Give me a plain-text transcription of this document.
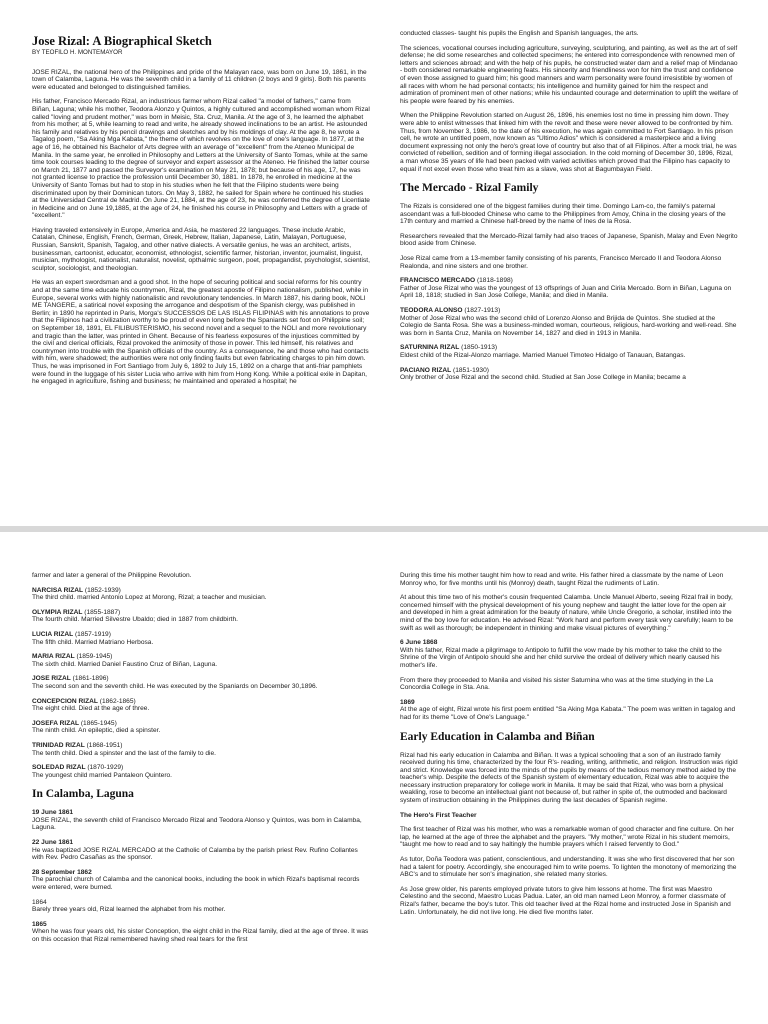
Jose Rizal: A Biographical Sketch
BY TEOFILO H. MONTEMAYOR

JOSE RIZAL, the national hero of the Philippines and pride of the Malayan race, was born on June 19, 1861, in the town of Calamba, Laguna. He was the seventh child in a family of 11 children (2 boys and 9 girls). Both his parents were educated and belonged to distinguished families.

His father, Francisco Mercado Rizal, an industrious farmer whom Rizal called "a model of fathers," came from Biñan, Laguna; while his mother, Teodora Alonzo y Quintos, a highly cultured and accomplished woman whom Rizal called "loving and prudent mother," was born in Meisic, Sta. Cruz, Manila. At the age of 3, he learned the alphabet from his mother; at 5, while learning to read and write, he already showed inclinations to be an artist. He astounded his family and relatives by his pencil drawings and sketches and by his moldings of clay. At the age 8, he wrote a Tagalog poem, "Sa Aking Mga Kabata," the theme of which revolves on the love of one's language. In 1877, at the age of 16, he obtained his Bachelor of Arts degree with an average of "excellent" from the Ateneo Municipal de Manila. In the same year, he enrolled in Philosophy and Letters at the University of Santo Tomas, while at the same time took courses leading to the degree of surveyor and expert assessor at the Ateneo. He finished the latter course on March 21, 1877 and passed the Surveyor's examination on May 21, 1878; but because of his age, 17, he was not granted license to practice the profession until December 30, 1881. In 1878, he enrolled in medicine at the University of Santo Tomas but had to stop in his studies when he felt that the Filipino students were being discriminated upon by their Dominican tutors. On May 3, 1882, he sailed for Spain where he continued his studies at the Universidad Central de Madrid. On June 21, 1884, at the age of 23, he was conferred the degree of Licentiate in Medicine and on June 19,1885, at the age of 24, he finished his course in Philosophy and Letters with a grade of "excellent."

Having traveled extensively in Europe, America and Asia, he mastered 22 languages. These include Arabic, Catalan, Chinese, English, French, German, Greek, Hebrew, Italian, Japanese, Latin, Malayan, Portuguese, Russian, Sanskrit, Spanish, Tagalog, and other native dialects. A versatile genius, he was an architect, artists, businessman, cartoonist, educator, economist, ethnologist, scientific farmer, historian, inventor, journalist, linguist, musician, mythologist, nationalist, naturalist, novelist, opthalmic surgeon, poet, propagandist, psychologist, scientist, sculptor, sociologist, and theologian.

He was an expert swordsman and a good shot. In the hope of securing political and social reforms for his country and at the same time educate his countrymen, Rizal, the greatest apostle of Filipino nationalism, published, while in Europe, several works with highly nationalistic and revolutionary tendencies. In March 1887, his daring book, NOLI ME TANGERE, a satirical novel exposing the arrogance and despotism of the Spanish clergy, was published in Berlin; in 1890 he reprinted in Paris, Morga's SUCCESSOS DE LAS ISLAS FILIPINAS with his annotations to prove that the Filipinos had a civilization worthy to be proud of even long before the Spaniards set foot on Philippine soil; on September 18, 1891, EL FILIBUSTERISMO, his second novel and a sequel to the NOLI and more revolutionary and tragic than the latter, was printed in Ghent. Because of his fearless exposures of the injustices committed by the civil and clerical officials, Rizal provoked the animosity of those in power. This led himself, his relatives and countrymen into trouble with the Spanish officials of the country. As a consequence, he and those who had contacts with him, were shadowed; the authorities were not only finding faults but even fabricating charges to pin him down. Thus, he was imprisoned in Fort Santiago from July 6, 1892 to July 15, 1892 on a charge that anti-friar pamphlets were found in the luggage of his sister Lucia who arrive with him from Hong Kong. While a political exile in Dapitan, he engaged in agriculture, fishing and business; he maintained and operated a hospital; he

conducted classes- taught his pupils the English and Spanish languages, the arts.

The sciences, vocational courses including agriculture, surveying, sculpturing, and painting, as well as the art of self defense; he did some researches and collected specimens; he entered into correspondence with renowned men of letters and sciences abroad; and with the help of his pupils, he constructed water dam and a relief map of Mindanao - both considered remarkable engineering feats. His sincerity and friendliness won for him the trust and confidence of even those assigned to guard him; his good manners and warm personality were found irresistible by women of all races with whom he had personal contacts; his intelligence and humility gained for him the respect and admiration of prominent men of other nations; while his undaunted courage and determination to uplift the welfare of his people were feared by his enemies.

When the Philippine Revolution started on August 26, 1896, his enemies lost no time in pressing him down. They were able to enlist witnesses that linked him with the revolt and these were never allowed to be confronted by him. Thus, from November 3, 1986, to the date of his execution, he was again committed to Fort Santiago. In his prison cell, he wrote an untitled poem, now known as "Ultimo Adios" which is considered a masterpiece and a living document expressing not only the hero's great love of country but also that of all Filipinos. After a mock trial, he was convicted of rebellion, sedition and of forming illegal association. In the cold morning of December 30, 1896, Rizal, a man whose 35 years of life had been packed with varied activities which proved that the Filipino has capacity to equal if not excel even those who treat him as a slave, was shot at Bagumbayan Field.

The Mercado - Rizal Family

The Rizals is considered one of the biggest families during their time. Domingo Lam-co, the family's paternal ascendant was a full-blooded Chinese who came to the Philippines from Amoy, China in the closing years of the 17th century and married a Chinese half-breed by the name of Ines de la Rosa.

Researchers revealed that the Mercado-Rizal family had also traces of Japanese, Spanish, Malay and Even Negrito blood aside from Chinese.

Jose Rizal came from a 13-member family consisting of his parents, Francisco Mercado II and Teodora Alonso Realonda, and nine sisters and one brother.

FRANCISCO MERCADO (1818-1898)
Father of Jose Rizal who was the youngest of 13 offsprings of Juan and Cirila Mercado. Born in Biñan, Laguna on April 18, 1818; studied in San Jose College, Manila; and died in Manila.
TEODORA ALONSO (1827-1913)
Mother of Jose Rizal who was the second child of Lorenzo Alonso and Brijida de Quintos. She studied at the Colegio de Santa Rosa. She was a business-minded woman, courteous, religious, hard-working and well-read. She was born in Santa Cruz, Manila on November 14, 1827 and died in 1913 in Manila.
SATURNINA RIZAL (1850-1913)
Eldest child of the Rizal-Alonzo marriage. Married Manuel Timoteo Hidalgo of Tanauan, Batangas.
PACIANO RIZAL (1851-1930)
Only brother of Jose Rizal and the second child. Studied at San Jose College in Manila; became a

farmer and later a general of the Philippine Revolution.

NARCISA RIZAL (1852-1939)
The third child. married Antonio Lopez at Morong, Rizal; a teacher and musician.
OLYMPIA RIZAL (1855-1887)
The fourth child. Married Silvestre Ubaldo; died in 1887 from childbirth.
LUCIA RIZAL (1857-1919)
The fifth child. Married Matriano Herbosa.
MARIA RIZAL (1859-1945)
The sixth child. Married Daniel Faustino Cruz of Biñan, Laguna.
JOSE RIZAL (1861-1896)
The second son and the seventh child. He was executed by the Spaniards on December 30,1896.
CONCEPCION RIZAL (1862-1865)
The eight child. Died at the age of three.
JOSEFA RIZAL (1865-1945)
The ninth child. An epileptic, died a spinster.
TRINIDAD RIZAL (1868-1951)
The tenth child. Died a spinster and the last of the family to die.
SOLEDAD RIZAL (1870-1929)
The youngest child married Pantaleon Quintero.
In Calamba, Laguna
19 June 1861
JOSE RIZAL, the seventh child of Francisco Mercado Rizal and Teodora Alonso y Quintos, was born in Calamba, Laguna.
22 June 1861
He was baptized JOSE RIZAL MERCADO at the Catholic of Calamba by the parish priest Rev. Rufino Collantes with Rev. Pedro Casañas as the sponsor.
28 September 1862
The parochial church of Calamba and the canonical books, including the book in which Rizal's baptismal records were entered, were burned.
1864
Barely three years old, Rizal learned the alphabet from his mother.
1865
When he was four years old, his sister Conception, the eight child in the Rizal family, died at the age of three. It was on this occasion that Rizal remembered having shed real tears for the first

During this time his mother taught him how to read and write. His father hired a classmate by the name of Leon Monroy who, for five months until his (Monroy) death, taught Rizal the rudiments of Latin.

At about this time two of his mother's cousin frequented Calamba. Uncle Manuel Alberto, seeing Rizal frail in body, concerned himself with the physical development of his young nephew and taught the latter love for the open air and developed in him a great admiration for the beauty of nature, while Uncle Gregorio, a scholar, instilled into the mind of the boy love for education. He advised Rizal: "Work hard and perform every task very carefully; learn to be swift as well as thorough; be independent in thinking and make visual pictures of everything."

6 June 1868
With his father, Rizal made a pilgrimage to Antipolo to fulfill the vow made by his mother to take the child to the Shrine of the Virgin of Antipolo should she and her child survive the ordeal of delivery which nearly caused his mother's life.

From there they proceeded to Manila and visited his sister Saturnina who was at the time studying in the La Concordia College in Sta. Ana.

1869
At the age of eight, Rizal wrote his first poem entitled "Sa Aking Mga Kabata." The poem was written in tagalog and had for its theme "Love of One's Language."
Early Education in Calamba and Biñan

Rizal had his early education in Calamba and Biñan. It was a typical schooling that a son of an ilustrado family received during his time, characterized by the four R's- reading, writing, arithmetic, and religion. Instruction was rigid and strict. Knowledge was forced into the minds of the pupils by means of the tedious memory method aided by the teacher's whip. Despite the defects of the Spanish system of elementary education, Rizal was able to acquire the necessary instruction preparatory for college work in Manila. It may be said that Rizal, who was born a physical weakling, rose to become an intellectual giant not because of, but rather in spite of, the outmoded and backward system of instruction obtaining in the Philippines during the last decades of Spanish regime.

The Hero's First Teacher

The first teacher of Rizal was his mother, who was a remarkable woman of good character and fine culture. On her lap, he learned at the age of three the alphabet and the prayers. "My mother," wrote Rizal in his student memoirs, "taught me how to read and to say haltingly the humble prayers which I raised fervently to God."

As tutor, Doña Teodora was patient, conscientious, and understanding. It was she who first discovered that her son had a talent for poetry. Accordingly, she encouraged him to write poems. To lighten the monotony of memorizing the ABC's and to stimulate her son's imagination, she related many stories.

As Jose grew older, his parents employed private tutors to give him lessons at home. The first was Maestro Celestino and the second, Maestro Lucas Padua. Later, an old man named Leon Monroy, a former classmate of Rizal's father, became the boy's tutor. This old teacher lived at the Rizal home and instructed Jose in Spanish and Latin. Unfortunately, he did not live long. He died five months later.
